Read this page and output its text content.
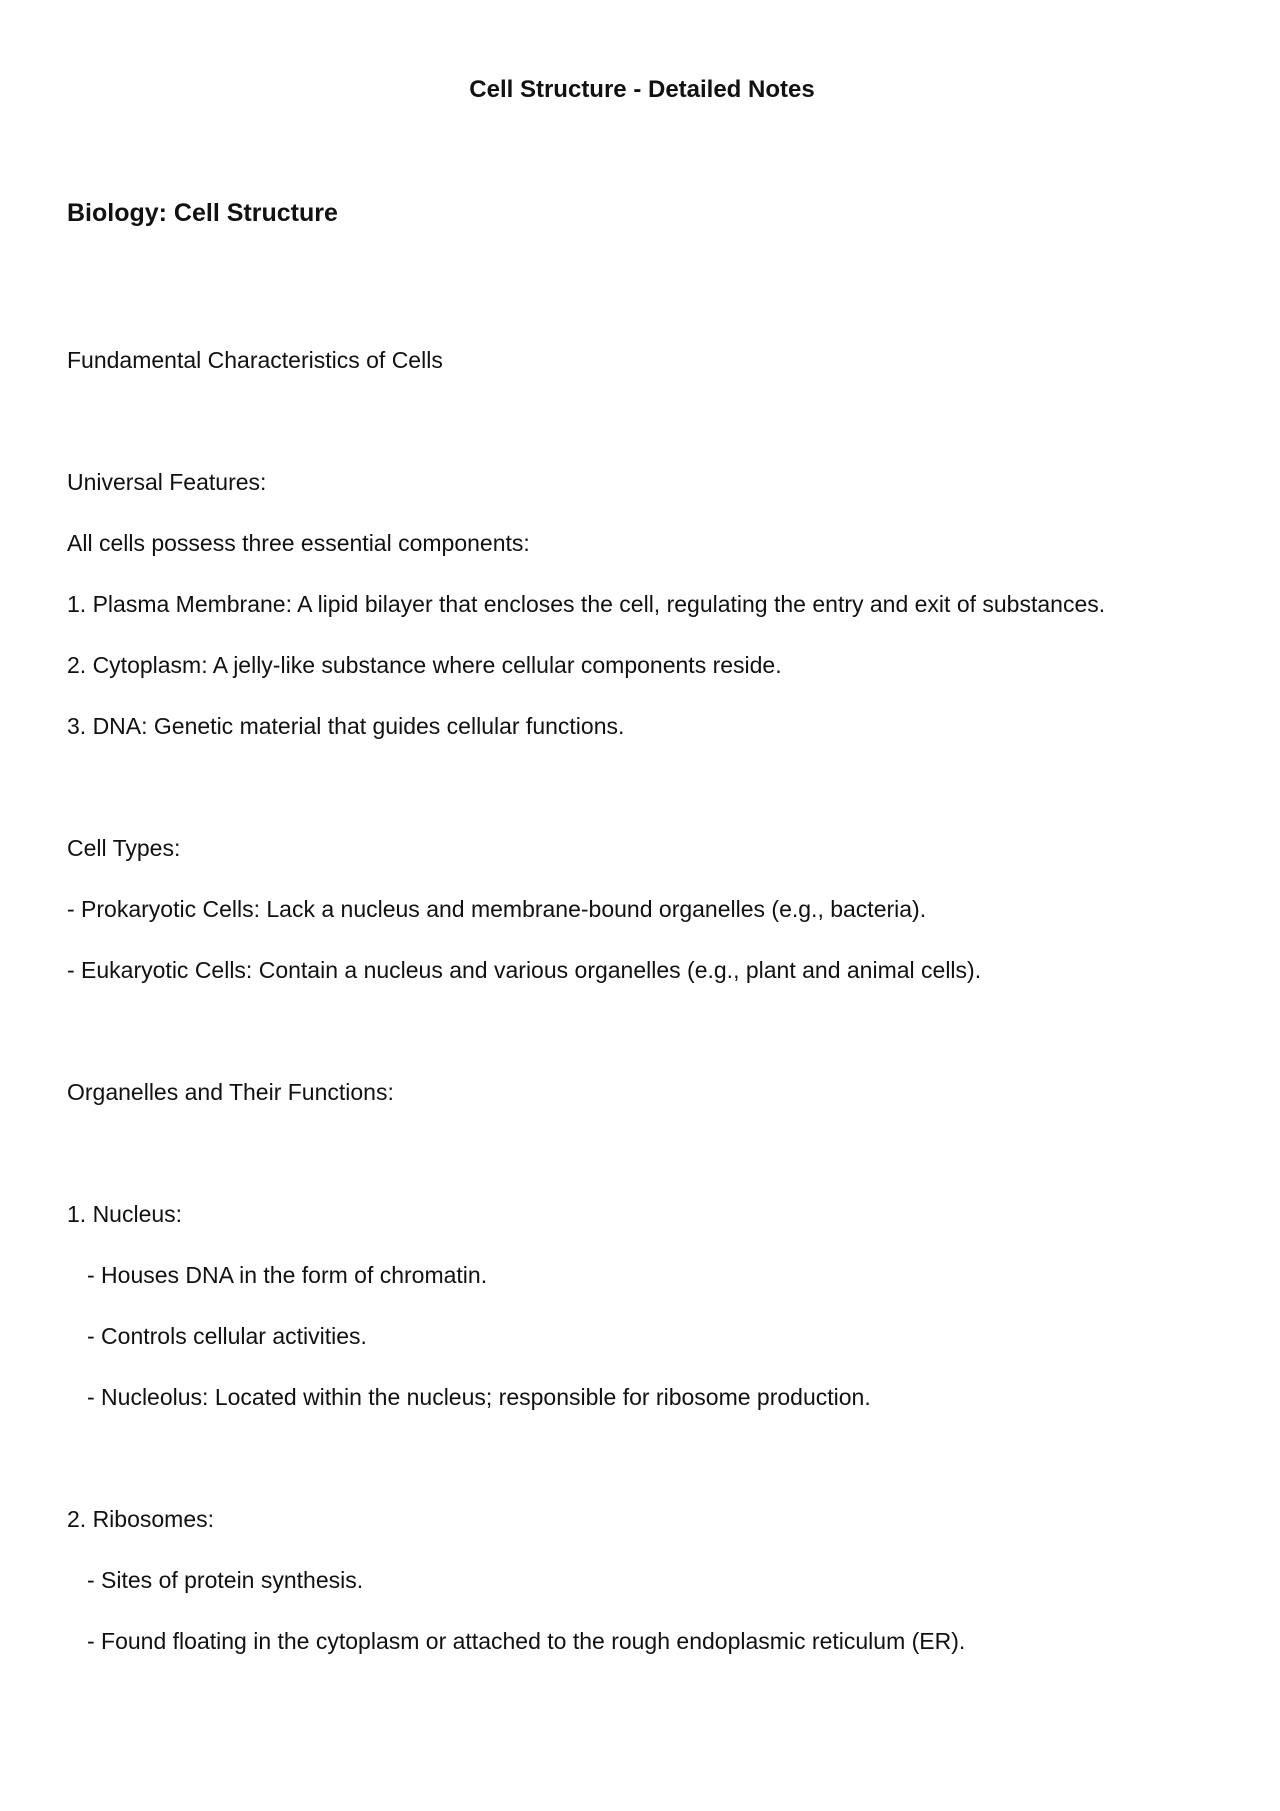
Cell Structure - Detailed Notes
Biology: Cell Structure
Fundamental Characteristics of Cells
Universal Features:
All cells possess three essential components:
1. Plasma Membrane: A lipid bilayer that encloses the cell, regulating the entry and exit of substances.
2. Cytoplasm: A jelly-like substance where cellular components reside.
3. DNA: Genetic material that guides cellular functions.
Cell Types:
- Prokaryotic Cells: Lack a nucleus and membrane-bound organelles (e.g., bacteria).
- Eukaryotic Cells: Contain a nucleus and various organelles (e.g., plant and animal cells).
Organelles and Their Functions:
1. Nucleus:
- Houses DNA in the form of chromatin.
- Controls cellular activities.
- Nucleolus: Located within the nucleus; responsible for ribosome production.
2. Ribosomes:
- Sites of protein synthesis.
- Found floating in the cytoplasm or attached to the rough endoplasmic reticulum (ER).
